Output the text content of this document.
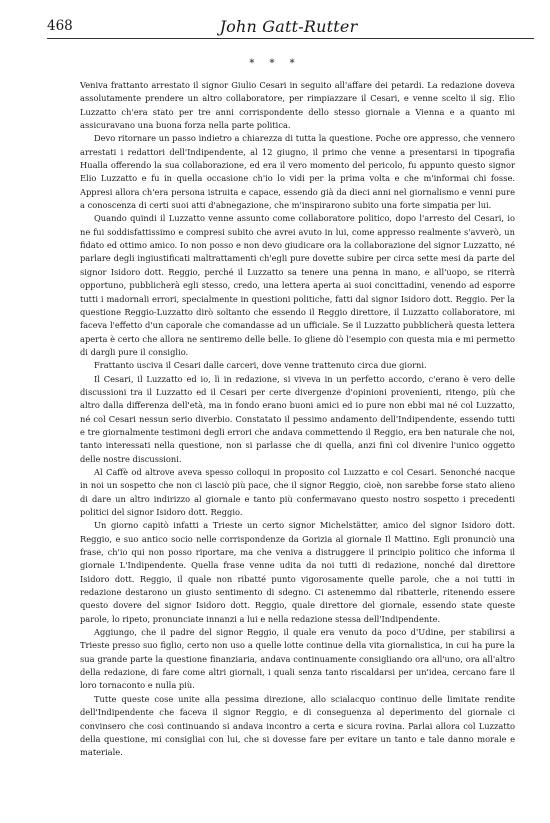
468	John Gatt-Rutter
* * *

Veniva frattanto arrestato il signor Giulio Cesari in seguito all'affare dei petardi. La redazione doveva assolutamente prendere un altro collaboratore, per rimpiazzare il Cesari, e venne scelto il sig. Elio Luzzatto ch'era stato per tre anni corrispondente dello stesso giornale a Vienna e a quanto mi assicuravano una buona forza nella parte politica.

Devo ritornare un passo indietro a chiarezza di tutta la questione. Poche ore appresso, che vennero arrestati i redattori dell'Indipendente, al 12 giugno, il primo che venne a presentarsi in tipografia Hualla offerendo la sua collaborazione, ed era il vero momento del pericolo, fu appunto questo signor Elio Luzzatto e fu in quella occasione ch'io lo vidi per la prima volta e che m'informai chi fosse. Appresi allora ch'era persona istruita e capace, essendo già da dieci anni nel giornalismo e venni pure a conoscenza di certi suoi atti d'abnegazione, che m'inspirarono subito una forte simpatia per lui.

Quando quindi il Luzzatto venne assunto come collaboratore politico, dopo l'arresto del Cesari, io ne fui soddisfattissimo e compresi subito che avrei avuto in lui, come appresso realmente s'avverò, un fidato ed ottimo amico. Io non posso e non devo giudicare ora la collaborazione del signor Luzzatto, né parlare degli ingiustificati maltrattamenti ch'egli pure dovette subire per circa sette mesi da parte del signor Isidoro dott. Reggio, perché il Luzzatto sa tenere una penna in mano, e all'uopo, se riterrà opportuno, pubblicherà egli stesso, credo, una lettera aperta ai suoi concittadini, venendo ad esporre tutti i madornali errori, specialmente in questioni politiche, fatti dal signor Isidoro dott. Reggio. Per la questione Reggio-Luzzatto dirò soltanto che essendo il Reggio direttore, il Luzzatto collaboratore, mi faceva l'effetto d'un caporale che comandasse ad un ufficiale. Se il Luzzatto pubblicherà questa lettera aperta è certo che allora ne sentiremo delle belle. Io gliene dò l'esempio con questa mia e mi permetto di dargli pure il consiglio.

Frattanto usciva il Cesari dalle carceri, dove venne trattenuto circa due giorni.

Il Cesari, il Luzzatto ed io, lì in redazione, si viveva in un perfetto accordo, c'erano è vero delle discussioni tra il Luzzatto ed il Cesari per certe divergenze d'opinioni provenienti, ritengo, più che altro dalla differenza dell'età, ma in fondo erano buoni amici ed io pure non ebbi mai né col Luzzatto, né col Cesari nessun serio diverbio. Constatato il pessimo andamento dell'Indipendente, essendo tutti e tre giornalmente testimoni degli errori che andava commettendo il Reggio, era ben naturale che noi, tanto interessati nella questione, non si parlasse che di quella, anzi finì col divenire l'unico oggetto delle nostre discussioni.

Al Caffè od altrove aveva spesso colloqui in proposito col Luzzatto e col Cesari. Senonché nacque in noi un sospetto che non ci lasciò più pace, che il signor Reggio, cioè, non sarebbe forse stato alieno di dare un altro indirizzo al giornale e tanto più confermavano questo nostro sospetto i precedenti politici del signor Isidoro dott. Reggio.

Un giorno capitò infatti a Trieste un certo signor Michelstätter, amico del signor Isidoro dott. Reggio, e suo antico socio nelle corrispondenze da Gorizia al giornale Il Mattino. Egli pronunciò una frase, ch'io qui non posso riportare, ma che veniva a distruggere il principio politico che informa il giornale L'Indipendente. Quella frase venne udita da noi tutti di redazione, nonché dal direttore Isidoro dott. Reggio, il quale non ribatté punto vigorosamente quelle parole, che a noi tutti in redazione destarono un giusto sentimento di sdegno. Ci astenemmo dal ribatterle, ritenendo essere questo dovere del signor Isidoro dott. Reggio, quale direttore del giornale, essendo state queste parole, lo ripeto, pronunciate innanzi a lui e nella redazione stessa dell'Indipendente.

Aggiungo, che il padre del signor Reggio, il quale era venuto da poco d'Udine, per stabilirsi a Trieste presso suo figlio, certo non uso a quelle lotte continue della vita giornalistica, in cui ha pure la sua grande parte la questione finanziaria, andava continuamente consigliando ora all'uno, ora all'altro della redazione, di fare come altri giornali, i quali senza tanto riscaldarsi per un'idea, cercano fare il loro tornaconto e nulla più.

Tutte queste cose unite alla pessima direzione, allo scialacquo continuo delle limitate rendite dell'Indipendente che faceva il signor Reggio, e di conseguenza al deperimento del giornale ci convinsero che così continuando si andava incontro a certa e sicura rovina. Parlai allora col Luzzatto della questione, mi consigliai con lui, che si dovesse fare per evitare un tanto e tale danno morale e materiale.
